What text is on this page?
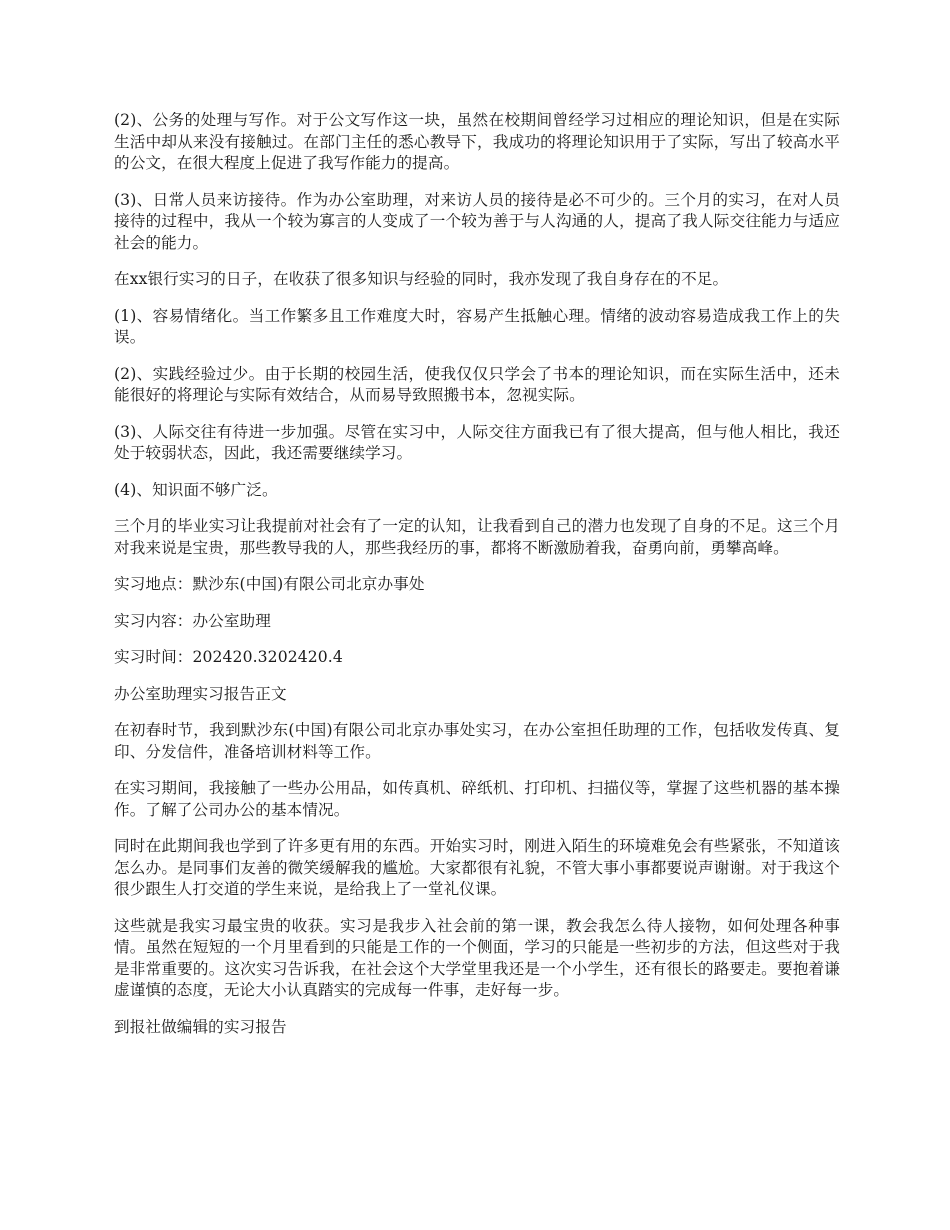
(2)、公务的处理与写作。对于公文写作这一块，虽然在校期间曾经学习过相应的理论知识，但是在实际生活中却从来没有接触过。在部门主任的悉心教导下，我成功的将理论知识用于了实际，写出了较高水平的公文，在很大程度上促进了我写作能力的提高。

(3)、日常人员来访接待。作为办公室助理，对来访人员的接待是必不可少的。三个月的实习，在对人员接待的过程中，我从一个较为寡言的人变成了一个较为善于与人沟通的人，提高了我人际交往能力与适应社会的能力。

在xx银行实习的日子，在收获了很多知识与经验的同时，我亦发现了我自身存在的不足。

(1)、容易情绪化。当工作繁多且工作难度大时，容易产生抵触心理。情绪的波动容易造成我工作上的失误。

(2)、实践经验过少。由于长期的校园生活，使我仅仅只学会了书本的理论知识，而在实际生活中，还未能很好的将理论与实际有效结合，从而易导致照搬书本，忽视实际。

(3)、人际交往有待进一步加强。尽管在实习中，人际交往方面我已有了很大提高，但与他人相比，我还处于较弱状态，因此，我还需要继续学习。

(4)、知识面不够广泛。

三个月的毕业实习让我提前对社会有了一定的认知，让我看到自己的潜力也发现了自身的不足。这三个月对我来说是宝贵，那些教导我的人，那些我经历的事，都将不断激励着我，奋勇向前，勇攀高峰。

实习地点：默沙东(中国)有限公司北京办事处

实习内容：办公室助理

实习时间：202420.3202420.4

办公室助理实习报告正文

在初春时节，我到默沙东(中国)有限公司北京办事处实习，在办公室担任助理的工作，包括收发传真、复印、分发信件，准备培训材料等工作。

在实习期间，我接触了一些办公用品，如传真机、碎纸机、打印机、扫描仪等，掌握了这些机器的基本操作。了解了公司办公的基本情况。

同时在此期间我也学到了许多更有用的东西。开始实习时，刚进入陌生的环境难免会有些紧张，不知道该怎么办。是同事们友善的微笑缓解我的尴尬。大家都很有礼貌，不管大事小事都要说声谢谢。对于我这个很少跟生人打交道的学生来说，是给我上了一堂礼仪课。

这些就是我实习最宝贵的收获。实习是我步入社会前的第一课，教会我怎么待人接物，如何处理各种事情。虽然在短短的一个月里看到的只能是工作的一个侧面，学习的只能是一些初步的方法，但这些对于我是非常重要的。这次实习告诉我，在社会这个大学堂里我还是一个小学生，还有很长的路要走。要抱着谦虚谨慎的态度，无论大小认真踏实的完成每一件事，走好每一步。

到报社做编辑的实习报告
